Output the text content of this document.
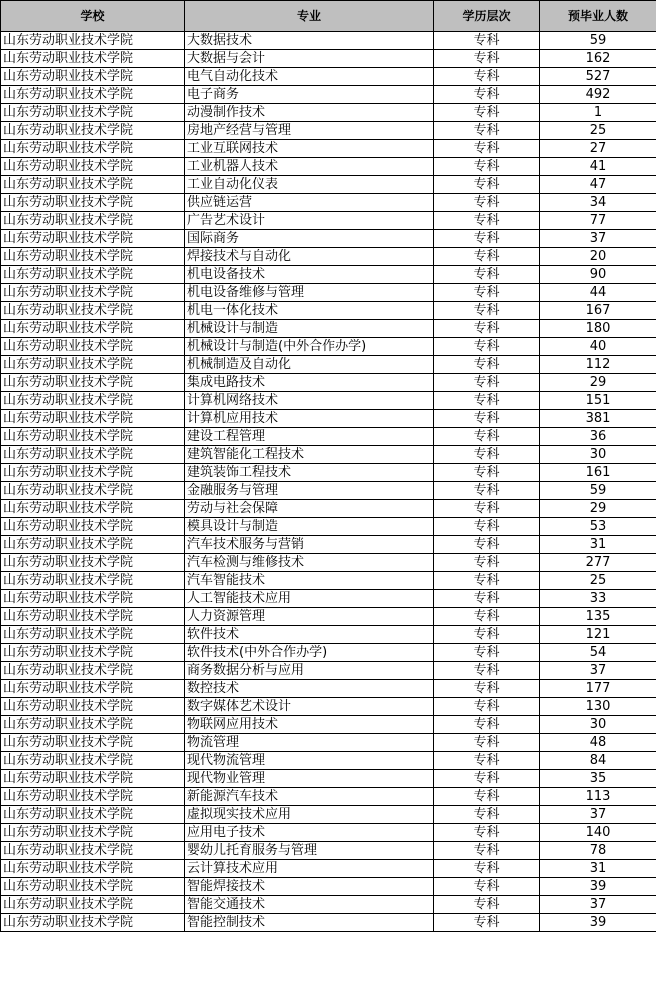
学校	专业	学历层次	预毕业人数
山东劳动职业技术学院	大数据技术	专科	59
山东劳动职业技术学院	大数据与会计	专科	162
山东劳动职业技术学院	电气自动化技术	专科	527
山东劳动职业技术学院	电子商务	专科	492
山东劳动职业技术学院	动漫制作技术	专科	1
山东劳动职业技术学院	房地产经营与管理	专科	25
山东劳动职业技术学院	工业互联网技术	专科	27
山东劳动职业技术学院	工业机器人技术	专科	41
山东劳动职业技术学院	工业自动化仪表	专科	47
山东劳动职业技术学院	供应链运营	专科	34
山东劳动职业技术学院	广告艺术设计	专科	77
山东劳动职业技术学院	国际商务	专科	37
山东劳动职业技术学院	焊接技术与自动化	专科	20
山东劳动职业技术学院	机电设备技术	专科	90
山东劳动职业技术学院	机电设备维修与管理	专科	44
山东劳动职业技术学院	机电一体化技术	专科	167
山东劳动职业技术学院	机械设计与制造	专科	180
山东劳动职业技术学院	机械设计与制造(中外合作办学)	专科	40
山东劳动职业技术学院	机械制造及自动化	专科	112
山东劳动职业技术学院	集成电路技术	专科	29
山东劳动职业技术学院	计算机网络技术	专科	151
山东劳动职业技术学院	计算机应用技术	专科	381
山东劳动职业技术学院	建设工程管理	专科	36
山东劳动职业技术学院	建筑智能化工程技术	专科	30
山东劳动职业技术学院	建筑装饰工程技术	专科	161
山东劳动职业技术学院	金融服务与管理	专科	59
山东劳动职业技术学院	劳动与社会保障	专科	29
山东劳动职业技术学院	模具设计与制造	专科	53
山东劳动职业技术学院	汽车技术服务与营销	专科	31
山东劳动职业技术学院	汽车检测与维修技术	专科	277
山东劳动职业技术学院	汽车智能技术	专科	25
山东劳动职业技术学院	人工智能技术应用	专科	33
山东劳动职业技术学院	人力资源管理	专科	135
山东劳动职业技术学院	软件技术	专科	121
山东劳动职业技术学院	软件技术(中外合作办学)	专科	54
山东劳动职业技术学院	商务数据分析与应用	专科	37
山东劳动职业技术学院	数控技术	专科	177
山东劳动职业技术学院	数字媒体艺术设计	专科	130
山东劳动职业技术学院	物联网应用技术	专科	30
山东劳动职业技术学院	物流管理	专科	48
山东劳动职业技术学院	现代物流管理	专科	84
山东劳动职业技术学院	现代物业管理	专科	35
山东劳动职业技术学院	新能源汽车技术	专科	113
山东劳动职业技术学院	虚拟现实技术应用	专科	37
山东劳动职业技术学院	应用电子技术	专科	140
山东劳动职业技术学院	婴幼儿托育服务与管理	专科	78
山东劳动职业技术学院	云计算技术应用	专科	31
山东劳动职业技术学院	智能焊接技术	专科	39
山东劳动职业技术学院	智能交通技术	专科	37
山东劳动职业技术学院	智能控制技术	专科	39
